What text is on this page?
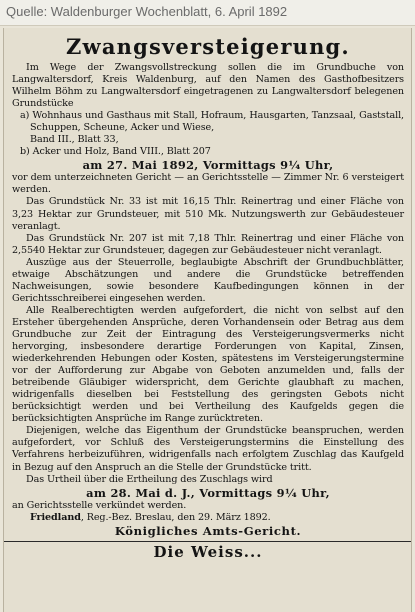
Quelle: Waldenburger Wochenblatt, 6. April 1892
Zwangsversteigerung.

Im Wege der Zwangsvollstreckung sollen die im Grundbuche von Langwaltersdorf, Kreis Waldenburg, auf den Namen des Gasthofbesitzers Wilhelm Böhm zu Langwaltersdorf eingetragenen zu Langwaltersdorf belegenen Grundstücke

a) Wohnhaus und Gasthaus mit Stall, Hofraum, Hausgarten, Tanzsaal, Gaststall, Schuppen, Scheune, Acker und Wiese,

Band III., Blatt 33,

b) Acker und Holz, Band VIII., Blatt 207

am 27. Mai 1892, Vormittags 9¼ Uhr,

vor dem unterzeichneten Gericht — an Gerichtsstelle — Zimmer Nr. 6 versteigert werden.

Das Grundstück Nr. 33 ist mit 16,15 Thlr. Reinertrag und einer Fläche von 3,23 Hektar zur Grundsteuer, mit 510 Mk. Nutzungswerth zur Gebäudesteuer veranlagt.

Das Grundstück Nr. 207 ist mit 7,18 Thlr. Reinertrag und einer Fläche von 2,5540 Hektar zur Grundsteuer, dagegen zur Gebäudesteuer nicht veranlagt.

Auszüge aus der Steuerrolle, beglaubigte Abschrift der Grundbuchblätter, etwaige Abschätzungen und andere die Grundstücke betreffenden Nachweisungen, sowie besondere Kaufbedingungen können in der Gerichtsschreiberei eingesehen werden.

Alle Realberechtigten werden aufgefordert, die nicht von selbst auf den Ersteher übergehenden Ansprüche, deren Vorhandensein oder Betrag aus dem Grundbuche zur Zeit der Eintragung des Versteigerungsvermerks nicht hervorging, insbesondere derartige Forderungen von Kapital, Zinsen, wiederkehrenden Hebungen oder Kosten, spätestens im Versteigerungstermine vor der Aufforderung zur Abgabe von Geboten anzumelden und, falls der betreibende Gläubiger widerspricht, dem Gerichte glaubhaft zu machen, widrigenfalls dieselben bei Feststellung des geringsten Gebots nicht berücksichtigt werden und bei Vertheilung des Kaufgelds gegen die berücksichtigten Ansprüche im Range zurücktreten.

Diejenigen, welche das Eigenthum der Grundstücke beanspruchen, werden aufgefordert, vor Schluß des Versteigerungstermins die Einstellung des Verfahrens herbeizuführen, widrigenfalls nach erfolgtem Zuschlag das Kaufgeld in Bezug auf den Anspruch an die Stelle der Grundstücke tritt.

Das Urtheil über die Ertheilung des Zuschlags wird

am 28. Mai d. J., Vormittags 9¼ Uhr,

an Gerichtsstelle verkündet werden.

Friedland, Reg.-Bez. Breslau, den 29. März 1892.

Königliches Amts-Gericht.

Die Weiss...
